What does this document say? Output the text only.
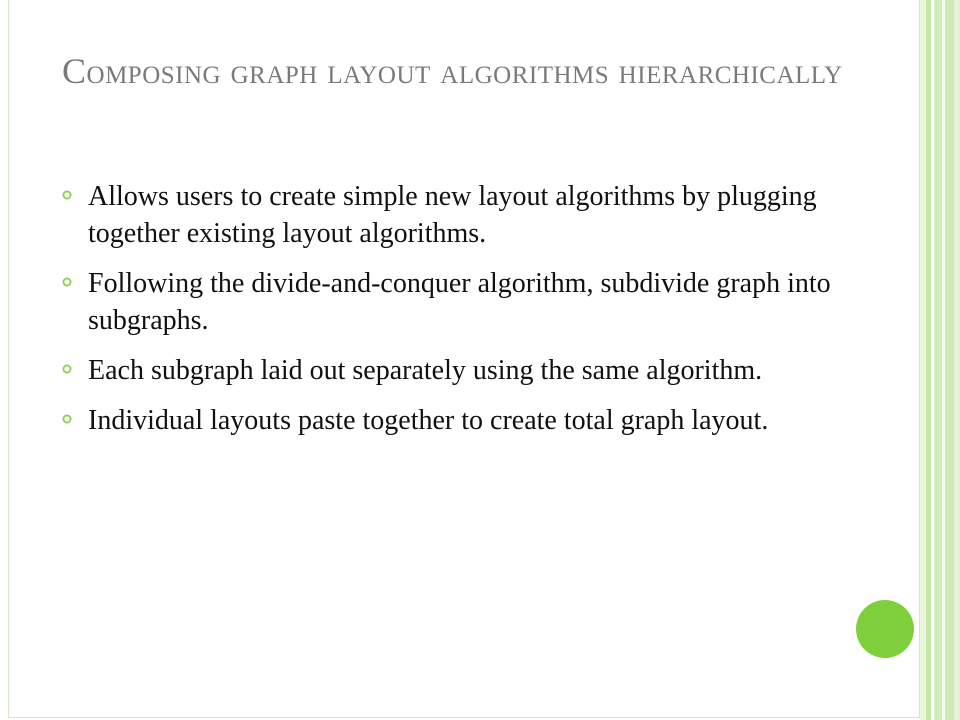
Composing graph layout algorithms hierarchically
Allows users to create simple new layout algorithms by plugging together existing layout algorithms.
Following the divide-and-conquer algorithm, subdivide graph into subgraphs.
Each subgraph laid out separately using the same algorithm.
Individual layouts paste together to create total graph layout.
